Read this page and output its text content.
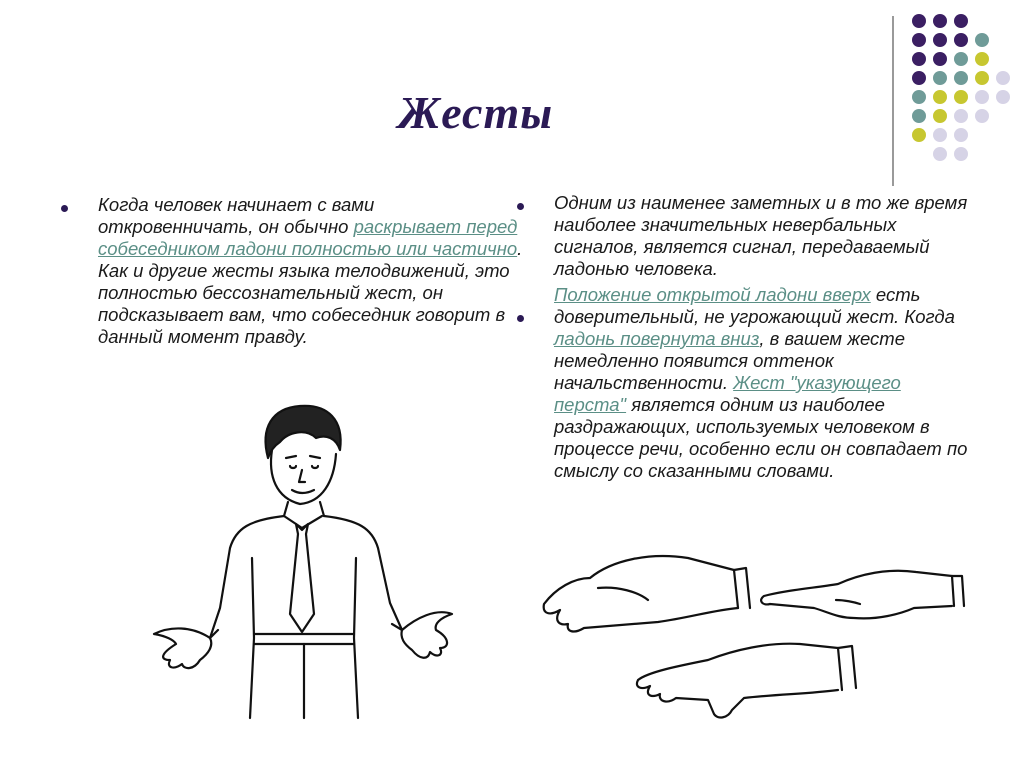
Жесты

Когда человек начинает с вами откровенничать, он обычно раскрывает перед собеседником ладони полностью или частично. Как и другие жесты языка телодвижений, это полностью бессознательный жест, он подсказывает вам, что собеседник говорит в данный момент правду.

Одним из наименее заметных и в то же время наиболее значительных невербальных сигналов, является сигнал, передаваемый ладонью человека.

Положение открытой ладони вверх есть доверительный, не угрожающий жест. Когда ладонь повернута вниз, в вашем жесте немедленно появится оттенок начальственности. Жест "указующего перста" является одним из наиболее раздражающих, используемых человеком в процессе речи, особенно если он совпадает по смыслу со сказанными словами.
